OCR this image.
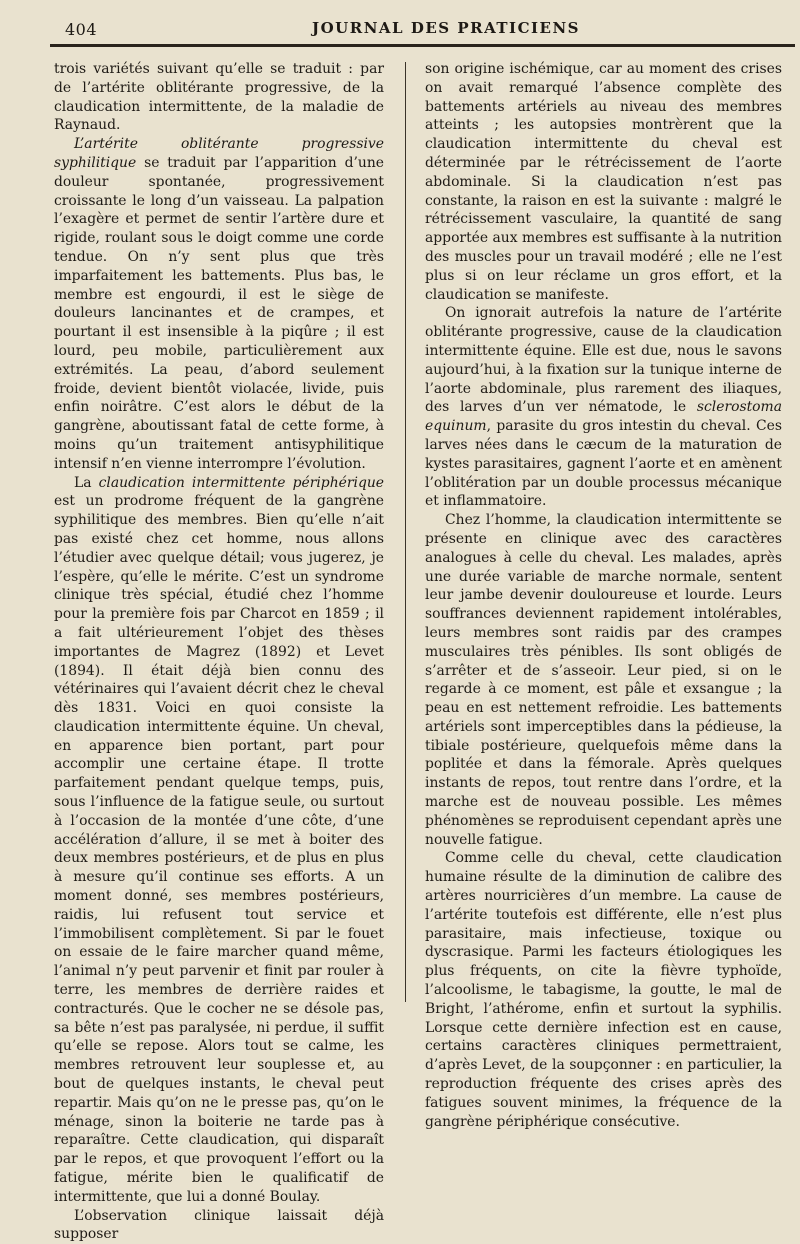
404	JOURNAL DES PRATICIENS

trois variétés suivant qu’elle se traduit : par de l’artérite oblitérante progressive, de la claudication intermittente, de la maladie de Raynaud.

L’artérite oblitérante progressive syphilitique se traduit par l’apparition d’une douleur spontanée, progressivement croissante le long d’un vaisseau. La palpation l’exagère et permet de sentir l’artère dure et rigide, roulant sous le doigt comme une corde tendue. On n’y sent plus que très imparfaitement les battements. Plus bas, le membre est engourdi, il est le siège de douleurs lancinantes et de crampes, et pourtant il est insensible à la piqûre ; il est lourd, peu mobile, particulièrement aux extrémités. La peau, d’abord seulement froide, devient bientôt violacée, livide, puis enfin noirâtre. C’est alors le début de la gangrène, aboutissant fatal de cette forme, à moins qu’un traitement antisyphilitique intensif n’en vienne interrompre l’évolution.

La claudication intermittente périphérique est un prodrome fréquent de la gangrène syphilitique des membres. Bien qu’elle n’ait pas existé chez cet homme, nous allons l’étudier avec quelque détail; vous jugerez, je l’espère, qu’elle le mérite. C’est un syndrome clinique très spécial, étudié chez l’homme pour la première fois par Charcot en 1859 ; il a fait ultérieurement l’objet des thèses importantes de Magrez (1892) et Levet (1894). Il était déjà bien connu des vétérinaires qui l’avaient décrit chez le cheval dès 1831. Voici en quoi consiste la claudication intermittente équine. Un cheval, en apparence bien portant, part pour accomplir une certaine étape. Il trotte parfaitement pendant quelque temps, puis, sous l’influence de la fatigue seule, ou surtout à l’occasion de la montée d’une côte, d’une accélération d’allure, il se met à boiter des deux membres postérieurs, et de plus en plus à mesure qu’il continue ses efforts. A un moment donné, ses membres postérieurs, raidis, lui refusent tout service et l’immobilisent complètement. Si par le fouet on essaie de le faire marcher quand même, l’animal n’y peut parvenir et finit par rouler à terre, les membres de derrière raides et contracturés. Que le cocher ne se désole pas, sa bête n’est pas paralysée, ni perdue, il suffit qu’elle se repose. Alors tout se calme, les membres retrouvent leur souplesse et, au bout de quelques instants, le cheval peut repartir. Mais qu’on ne le presse pas, qu’on le ménage, sinon la boiterie ne tarde pas à reparaître. Cette claudication, qui disparaît par le repos, et que provoquent l’effort ou la fatigue, mérite bien le qualificatif de intermittente, que lui a donné Boulay.

L’observation clinique laissait déjà supposer

son origine ischémique, car au moment des crises on avait remarqué l’absence complète des battements artériels au niveau des membres atteints ; les autopsies montrèrent que la claudication intermittente du cheval est déterminée par le rétrécissement de l’aorte abdominale. Si la claudication n’est pas constante, la raison en est la suivante : malgré le rétrécissement vasculaire, la quantité de sang apportée aux membres est suffisante à la nutrition des muscles pour un travail modéré ; elle ne l’est plus si on leur réclame un gros effort, et la claudication se manifeste.

On ignorait autrefois la nature de l’artérite oblitérante progressive, cause de la claudication intermittente équine. Elle est due, nous le savons aujourd’hui, à la fixation sur la tunique interne de l’aorte abdominale, plus rarement des iliaques, des larves d’un ver nématode, le sclerostoma equinum, parasite du gros intestin du cheval. Ces larves nées dans le cæcum de la maturation de kystes parasitaires, gagnent l’aorte et en amènent l’oblitération par un double processus mécanique et inflammatoire.

Chez l’homme, la claudication intermittente se présente en clinique avec des caractères analogues à celle du cheval. Les malades, après une durée variable de marche normale, sentent leur jambe devenir douloureuse et lourde. Leurs souffrances deviennent rapidement intolérables, leurs membres sont raidis par des crampes musculaires très pénibles. Ils sont obligés de s’arrêter et de s’asseoir. Leur pied, si on le regarde à ce moment, est pâle et exsangue ; la peau en est nettement refroidie. Les battements artériels sont imperceptibles dans la pédieuse, la tibiale postérieure, quelquefois même dans la poplitée et dans la fémorale. Après quelques instants de repos, tout rentre dans l’ordre, et la marche est de nouveau possible. Les mêmes phénomènes se reproduisent cependant après une nouvelle fatigue.

Comme celle du cheval, cette claudication humaine résulte de la diminution de calibre des artères nourricières d’un membre. La cause de l’artérite toutefois est différente, elle n’est plus parasitaire, mais infectieuse, toxique ou dyscrasique. Parmi les facteurs étiologiques les plus fréquents, on cite la fièvre typhoïde, l’alcoolisme, le tabagisme, la goutte, le mal de Bright, l’athérome, enfin et surtout la syphilis. Lorsque cette dernière infection est en cause, certains caractères cliniques permettraient, d’après Levet, de la soupçonner : en particulier, la reproduction fréquente des crises après des fatigues souvent minimes, la fréquence de la gangrène périphérique consécutive.
